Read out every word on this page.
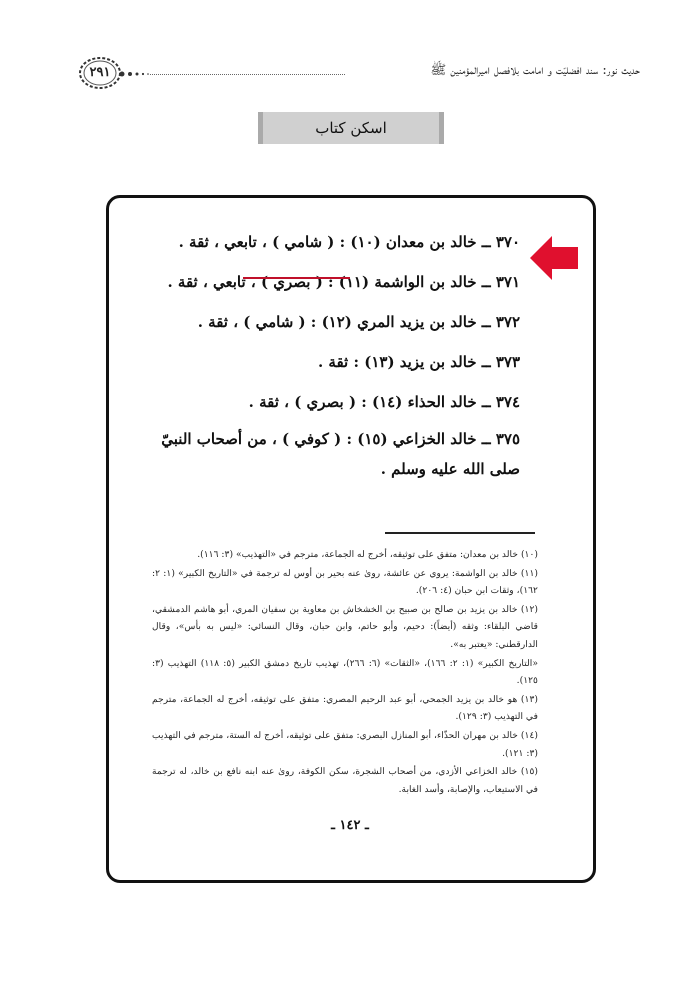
حدیث نور: سند افضلیّت و امامت بلافصل امیرالمؤمنین ﷺ
۲۹۱
اسکن کتاب
۳۷۰ ــ خالد بن معدان (۱۰) : ( شامي ) ، تابعي ، ثقة .
۳۷۱ ــ خالد بن الواشمة (۱۱) : ( بصري ) ، تابعي ، ثقة .
۳۷۲ ــ خالد بن يزيد المري (۱۲) : ( شامي ) ، ثقة .
۳۷۳ ــ خالد بن يزيد (۱۳) : ثقة .
۳۷٤ ــ خالد الحذاء (۱٤) : ( بصري ) ، ثقة .
۳۷٥ ــ خالد الخزاعي (۱٥) : ( كوفي ) ، من أصحاب النبيّ صلى الله عليه وسلم .

(١٠) خالد بن معدان: متفق على توثيقه، أخرج له الجماعة، مترجم في «التهذيب» (٣: ١١٦).

(١١) خالد بن الواشمة: يروي عن عائشة، روىٰ عنه بحير بن أوس له ترجمة في «التاريخ الكبير» (١: ٢: ١٦٢)، وثقات ابن حبان (٤: ٢٠٦).

(١٢) خالد بن يزيد بن صالح بن صبيح بن الخشخاش بن معاوية بن سفيان المري، أبو هاشم الدمشقي، قاضي البلقاء: وثقه (أيضاً): دحيم، وأبو حاتم، وابن حبان، وقال النسائي: «ليس به بأس»، وقال الدارقطني: «يعتبر به».

«التاريخ الكبير» (١: ٢: ١٦٦)، «الثقات» (٦: ٢٦٦)، تهذيب تاريخ دمشق الكبير (٥: ١١٨) التهذيب (٣: ١٢٥).

(١٣) هو خالد بن يزيد الجمحي، أبو عبد الرحيم المصري: متفق على توثيقه، أخرج له الجماعة، مترجم في التهذيب (٣: ١٢٩).

(١٤) خالد بن مهران الحذّاء، أبو المنازل البصري: متفق على توثيقه، أخرج له الستة، مترجم في التهذيب (٣: ١٢١).

(١٥) خالد الخزاعي الأزدي، من أصحاب الشجرة، سكن الكوفة، روىٰ عنه ابنه نافع بن خالد، له ترجمة في الاستيعاب، والإصابة، وأسد الغابة.

ـ ١٤٢ ـ
